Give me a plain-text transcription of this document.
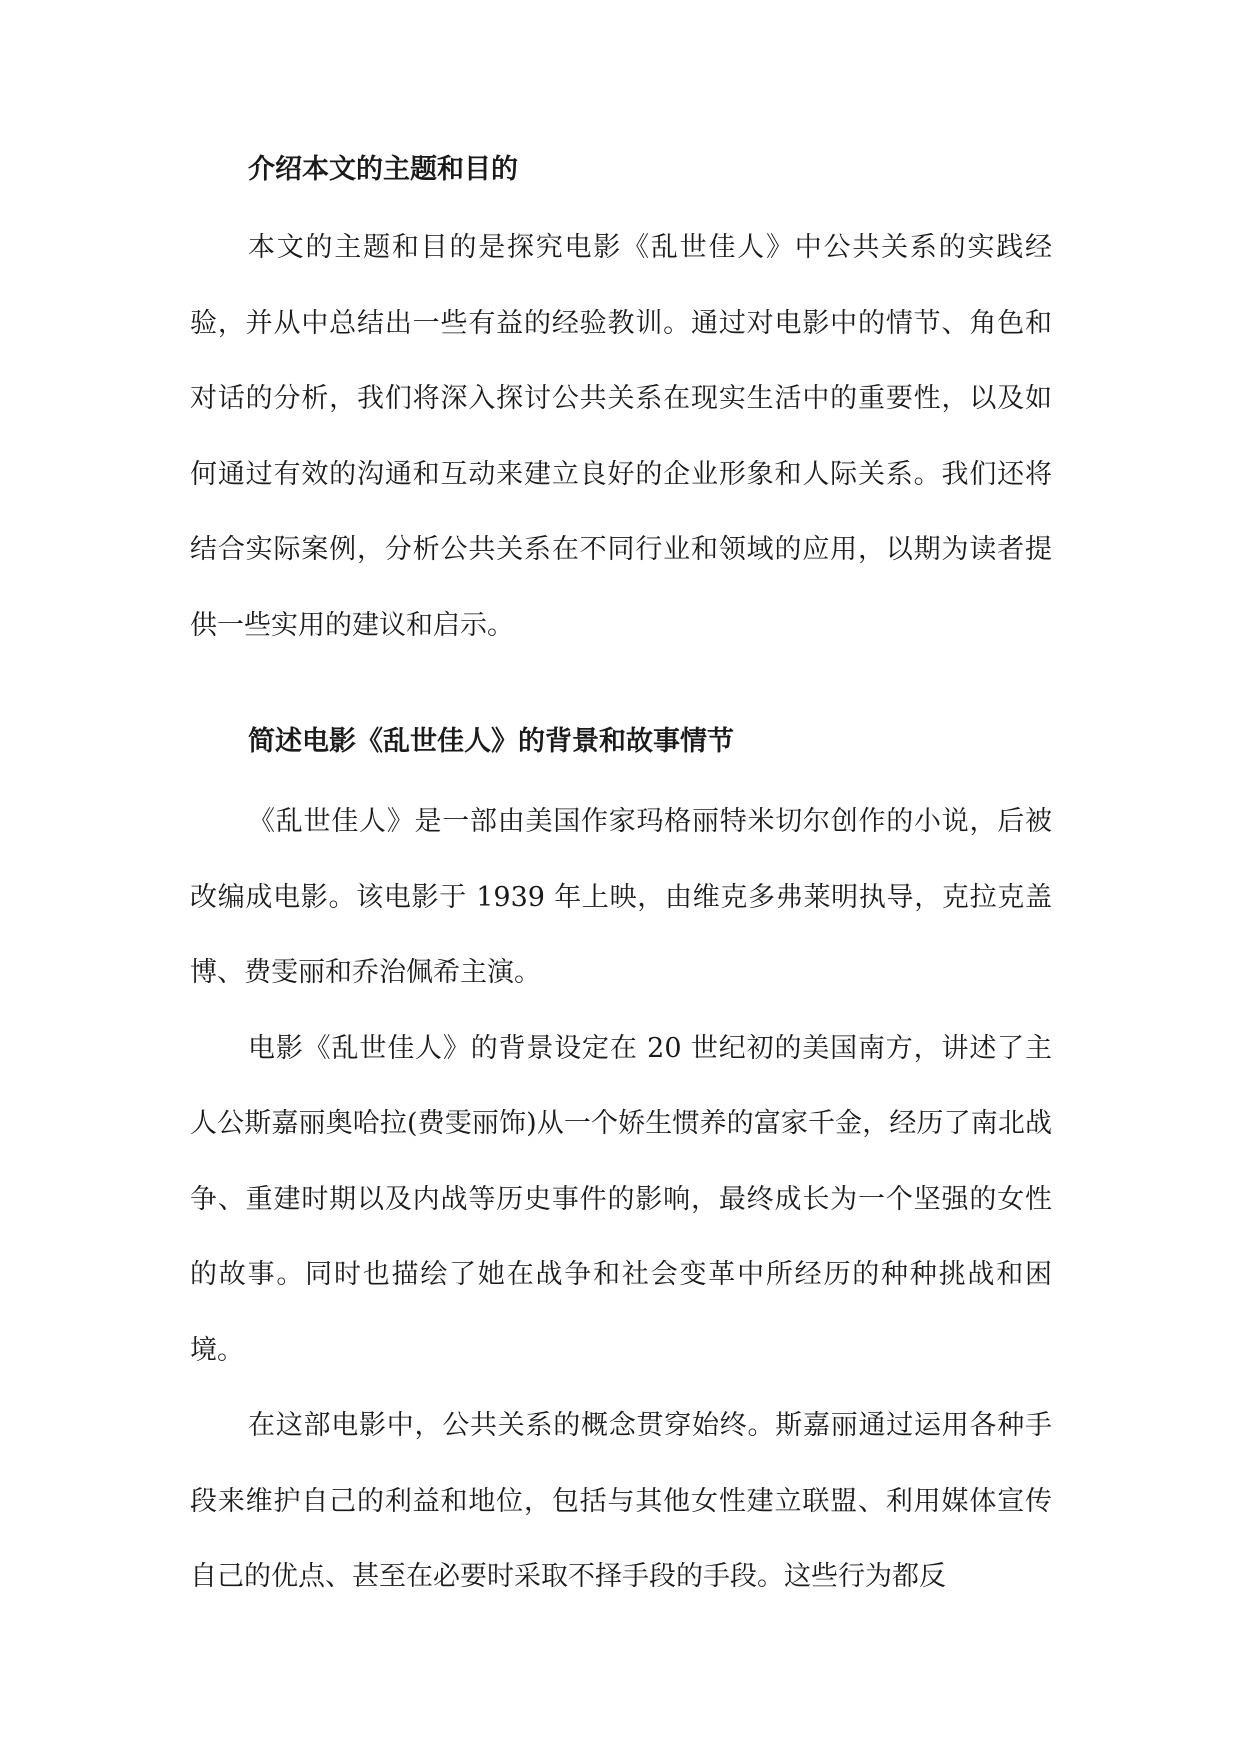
介绍本文的主题和目的

本文的主题和目的是探究电影《乱世佳人》中公共关系的实践经验，并从中总结出一些有益的经验教训。通过对电影中的情节、角色和对话的分析，我们将深入探讨公共关系在现实生活中的重要性，以及如何通过有效的沟通和互动来建立良好的企业形象和人际关系。我们还将结合实际案例，分析公共关系在不同行业和领域的应用，以期为读者提供一些实用的建议和启示。

简述电影《乱世佳人》的背景和故事情节

《乱世佳人》是一部由美国作家玛格丽特米切尔创作的小说，后被改编成电影。该电影于 1939 年上映，由维克多弗莱明执导，克拉克盖博、费雯丽和乔治佩希主演。

电影《乱世佳人》的背景设定在 20 世纪初的美国南方，讲述了主人公斯嘉丽奥哈拉(费雯丽饰)从一个娇生惯养的富家千金，经历了南北战争、重建时期以及内战等历史事件的影响，最终成长为一个坚强的女性的故事。同时也描绘了她在战争和社会变革中所经历的种种挑战和困境。

在这部电影中，公共关系的概念贯穿始终。斯嘉丽通过运用各种手段来维护自己的利益和地位，包括与其他女性建立联盟、利用媒体宣传自己的优点、甚至在必要时采取不择手段的手段。这些行为都反
